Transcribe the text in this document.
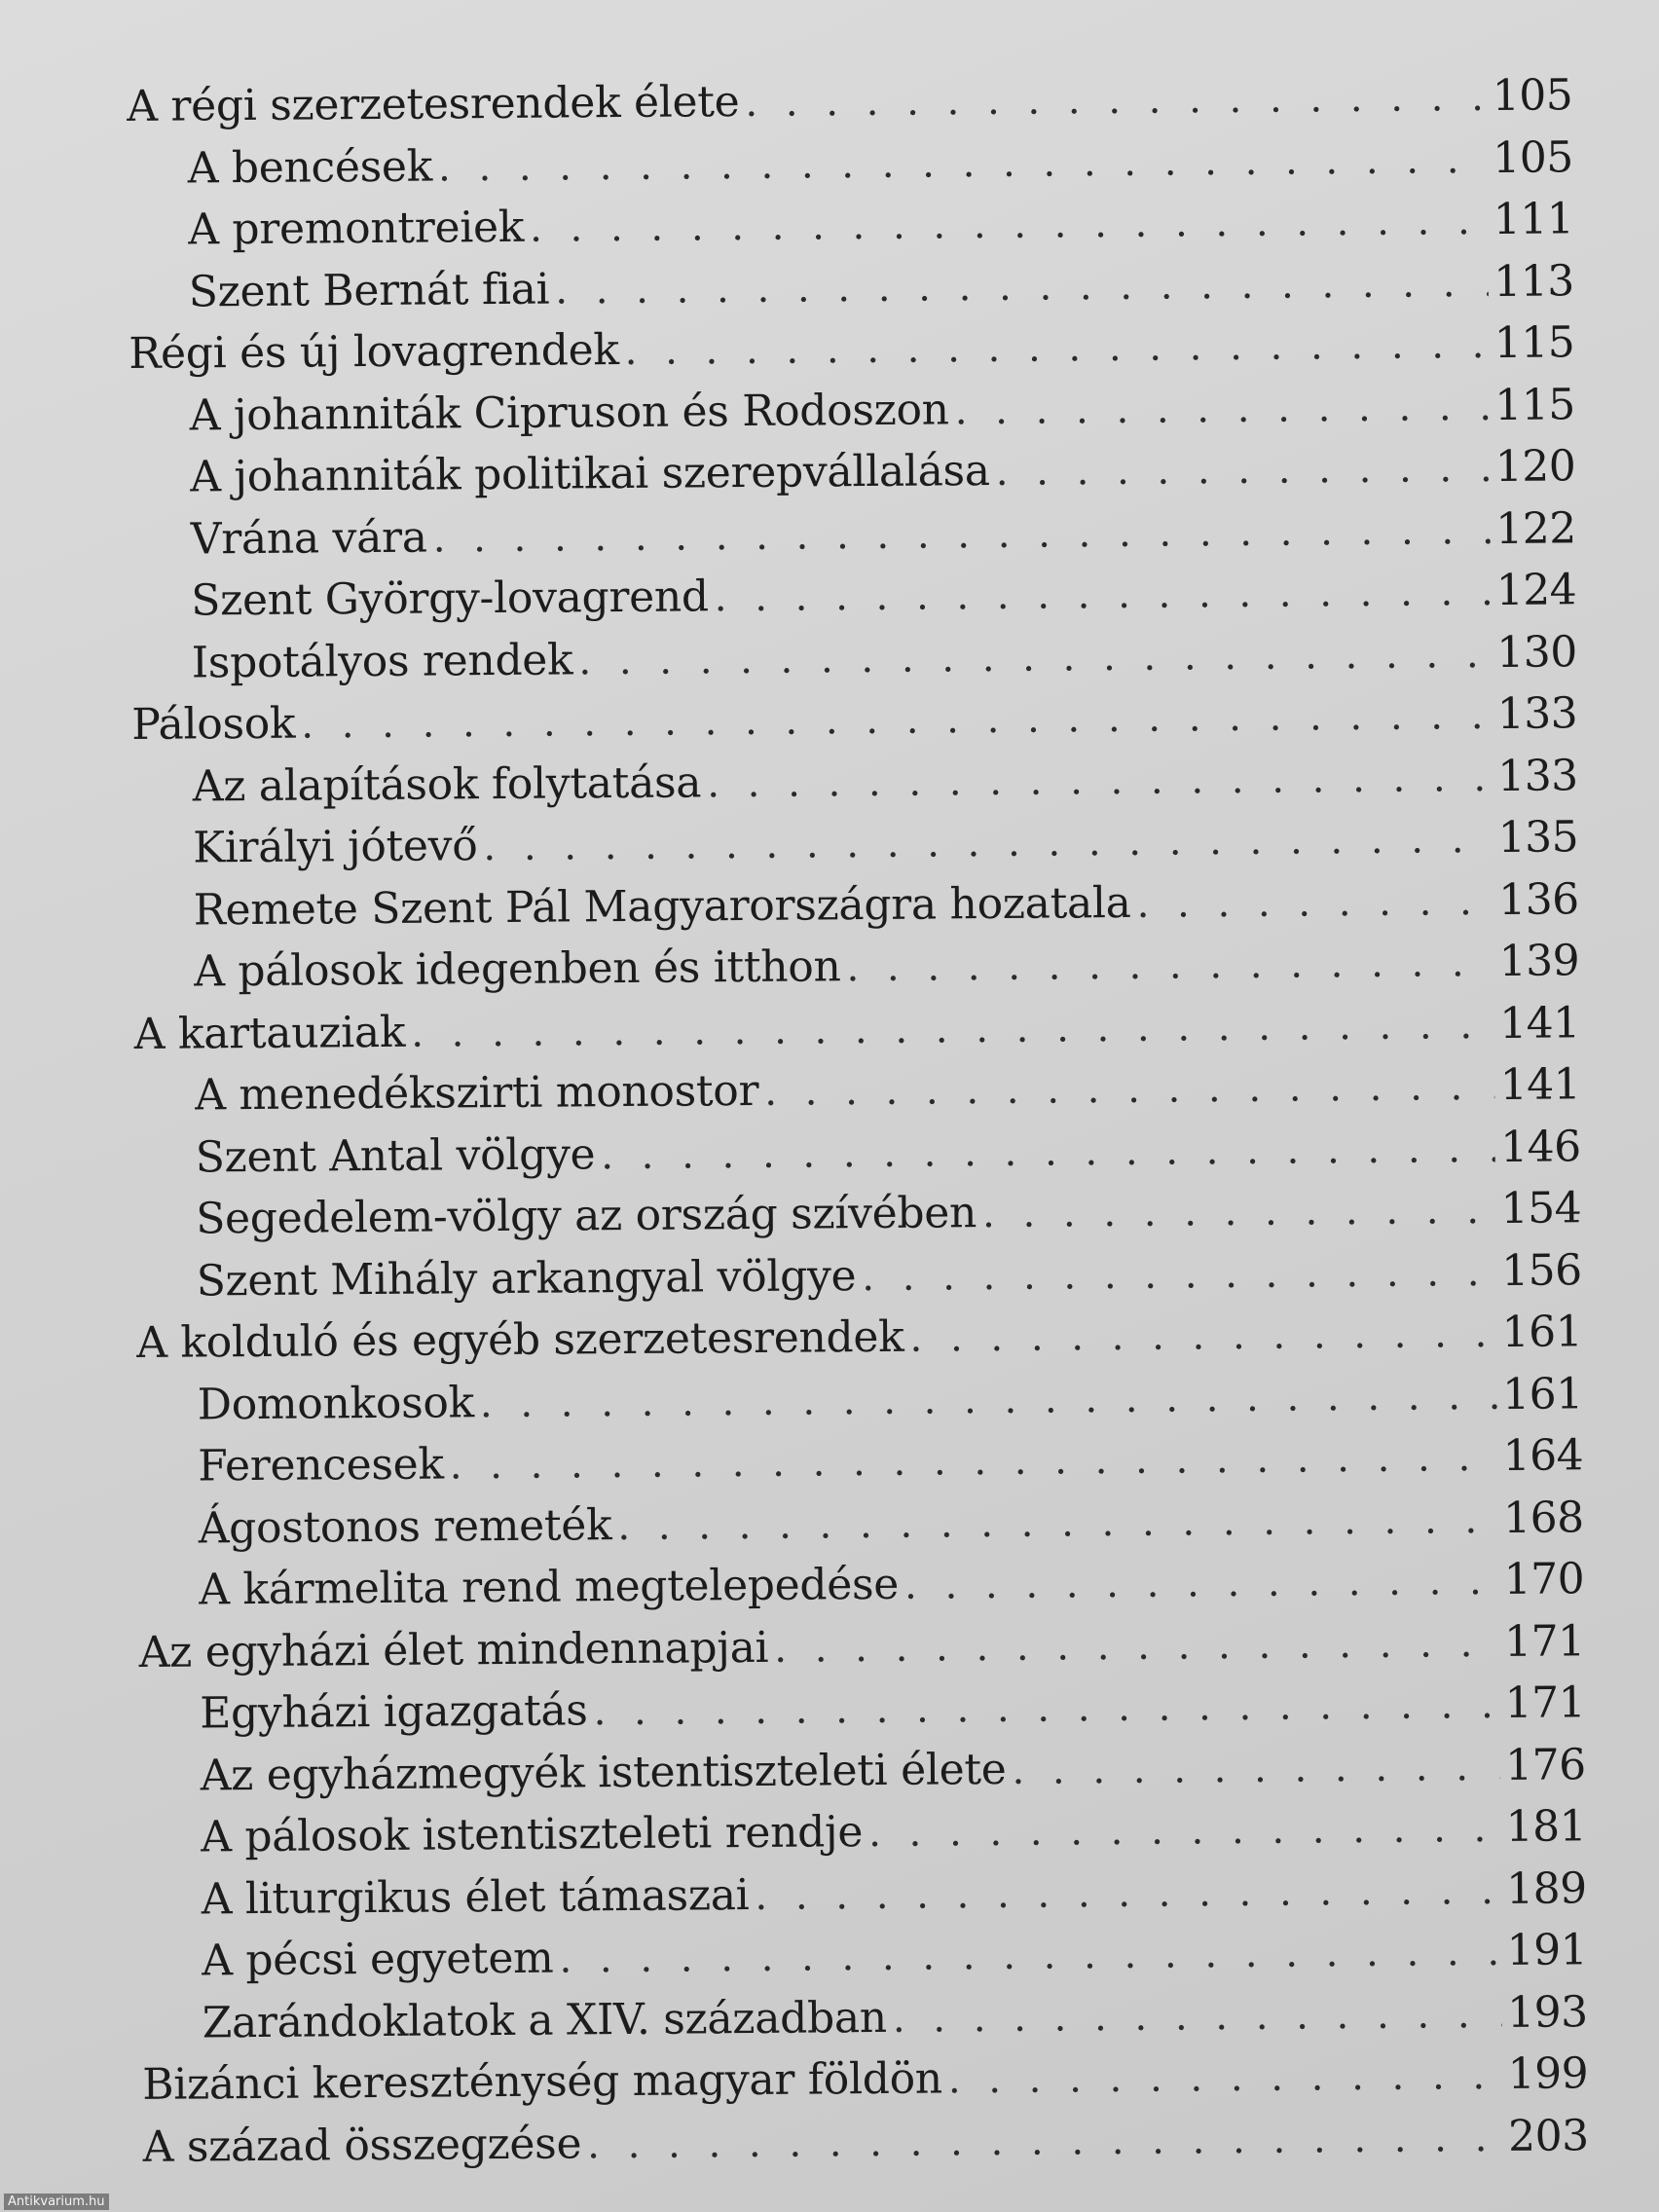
A régi szerzetesrendek élete . . .	105
A bencések . . .	105
A premontreiek . . .	111
Szent Bernát fiai . . .	113
Régi és új lovagrendek . . .	115
A johanniták Cipruson és Rodoszon . . .	115
A johanniták politikai szerepvállalása . . .	120
Vrána vára . . .	122
Szent György-lovagrend . . .	124
Ispotályos rendek . . .	130
Pálosok . . .	133
Az alapítások folytatása . . .	133
Királyi jótevő . . .	135
Remete Szent Pál Magyarországra hozatala . . .	136
A pálosok idegenben és itthon . . .	139
A kartauziak . . .	141
A menedékszirti monostor . . .	141
Szent Antal völgye . . .	146
Segedelem-völgy az ország szívében . . .	154
Szent Mihály arkangyal völgye . . .	156
A kolduló és egyéb szerzetesrendek . . .	161
Domonkosok . . .	161
Ferencesek . . .	164
Ágostonos remeték . . .	168
A kármelita rend megtelepedése . . .	170
Az egyházi élet mindennapjai . . .	171
Egyházi igazgatás . . .	171
Az egyházmegyék istentiszteleti élete . . .	176
A pálosok istentiszteleti rendje . . .	181
A liturgikus élet támaszai . . .	189
A pécsi egyetem . . .	191
Zarándoklatok a XIV. században . . .	193
Bizánci kereszténység magyar földön . . .	199
A század összegzése . . .	203
Antikvarium.hu
